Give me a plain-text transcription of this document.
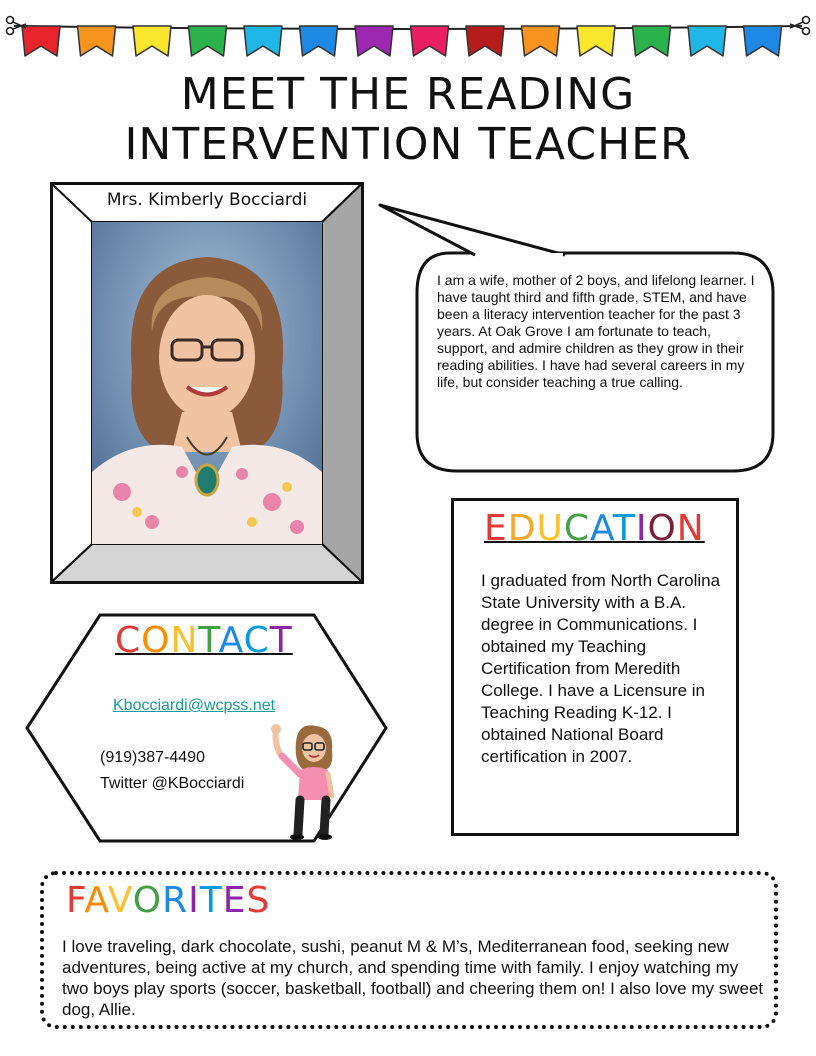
MEET THE READING
INTERVENTION TEACHER
Mrs. Kimberly Bocciardi

I am a wife, mother of 2 boys, and lifelong learner. I have taught third and fifth grade, STEM, and have been a literacy intervention teacher for the past 3 years. At Oak Grove I am fortunate to teach, support, and admire children as they grow in their reading abilities. I have had several careers in my life, but consider teaching a true calling.

EDUCATION

I graduated from North Carolina State University with a B.A. degree in Communications. I obtained my Teaching Certification from Meredith College. I have a Licensure in Teaching Reading K-12. I obtained National Board certification in 2007.

CONTACT
Kbocciardi@wcpss.net
(919)387-4490
Twitter @KBocciardi
FAVORITES

I love traveling, dark chocolate, sushi, peanut M & M’s, Mediterranean food, seeking new adventures, being active at my church, and spending time with family. I enjoy watching my two boys play sports (soccer, basketball, football) and cheering them on! I also love my sweet dog, Allie.
